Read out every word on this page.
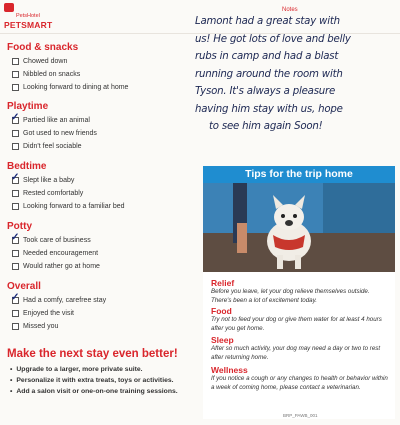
PETSMART
PetsHotel
Food & snacks
Chowed down
Nibbled on snacks
Looking forward to dining at home
Playtime
✓ Partied like an animal
Got used to new friends
Didn't feel sociable
Bedtime
✓ Slept like a baby
Rested comfortably
Looking forward to a familiar bed
Potty
✓ Took care of business
Needed encouragement
Would rather go at home
Overall
✓ Had a comfy, carefree stay
Enjoyed the visit
Missed you
Make the next stay even better!
• Upgrade to a larger, more private suite.
• Personalize it with extra treats, toys or activities.
• Add a salon visit or one-on-one training sessions.
Notes
Lamont had a great stay with
us! He got lots of love and belly
rubs in camp and had a blast
running around the room with
Tyson. It's always a pleasure
having him stay with us, hope
to see him again Soon!
Tips for the trip home
Relief
Before you leave, let your dog relieve themselves outside. There's been a lot of excitement today.
Food
Try not to feed your dog or give them water for at least 4 hours after you get home.
Sleep
After so much activity, your dog may need a day or two to rest after returning home.
Wellness
If you notice a cough or any changes to health or behavior within a week of coming home, please contact a veterinarian.
BRP_PAWB_001
